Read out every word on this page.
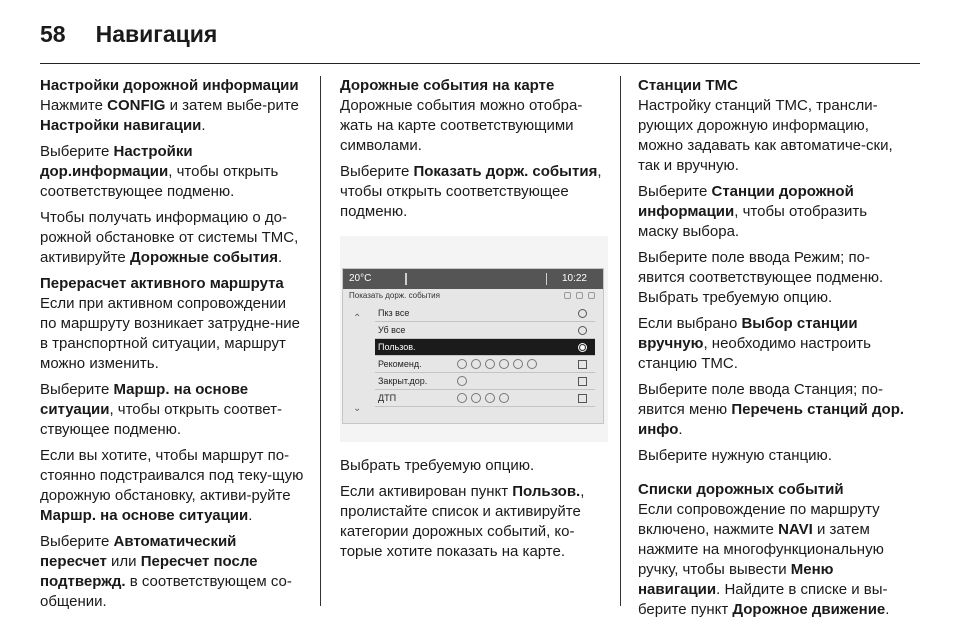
58 Навигация

Настройки дорожной информации

Нажмите CONFIG и затем выбе-рите Настройки навигации.

Выберите Настройки дор.информации, чтобы открыть соответствующее подменю.

Чтобы получать информацию о до-рожной обстановке от системы TMC, активируйте Дорожные события.

Перерасчет активного маршрута

Если при активном сопровождении по маршруту возникает затрудне-ние в транспортной ситуации, маршрут можно изменить.

Выберите Маршр. на основе ситуации, чтобы открыть соответ-ствующее подменю.

Если вы хотите, чтобы маршрут по-стоянно подстраивался под теку-щую дорожную обстановку, активи-руйте Маршр. на основе ситуации.

Выберите Автоматический пересчет или Пересчет после подтвержд. в соответствующем со-общении.

Дорожные события на карте

Дорожные события можно отобра-жать на карте соответствующими символами.

Выберите Показать дорж. события, чтобы открыть соответствующее подменю.

20°C	10:22
Показать дорж. события
⌃
⌄
Пкз все
Уб все
Пользов.
Рекоменд.
Закрыт.дор.
ДТП

Выбрать требуемую опцию.

Если активирован пункт Пользов., пролистайте список и активируйте категории дорожных событий, ко-торые хотите показать на карте.

Станции TMC

Настройку станций TMC, трансли-рующих дорожную информацию, можно задавать как автоматиче-ски, так и вручную.

Выберите Станции дорожной информации, чтобы отобразить маску выбора.

Выберите поле ввода Режим; по-явится соответствующее подменю. Выбрать требуемую опцию.

Если выбрано Выбор станции вручную, необходимо настроить станцию TMC.

Выберите поле ввода Станция; по-явится меню Перечень станций дор. инфо.

Выберите нужную станцию.

Списки дорожных событий

Если сопровождение по маршруту включено, нажмите NAVI и затем нажмите на многофункциональную ручку, чтобы вывести Меню навигации. Найдите в списке и вы-берите пункт Дорожное движение.
